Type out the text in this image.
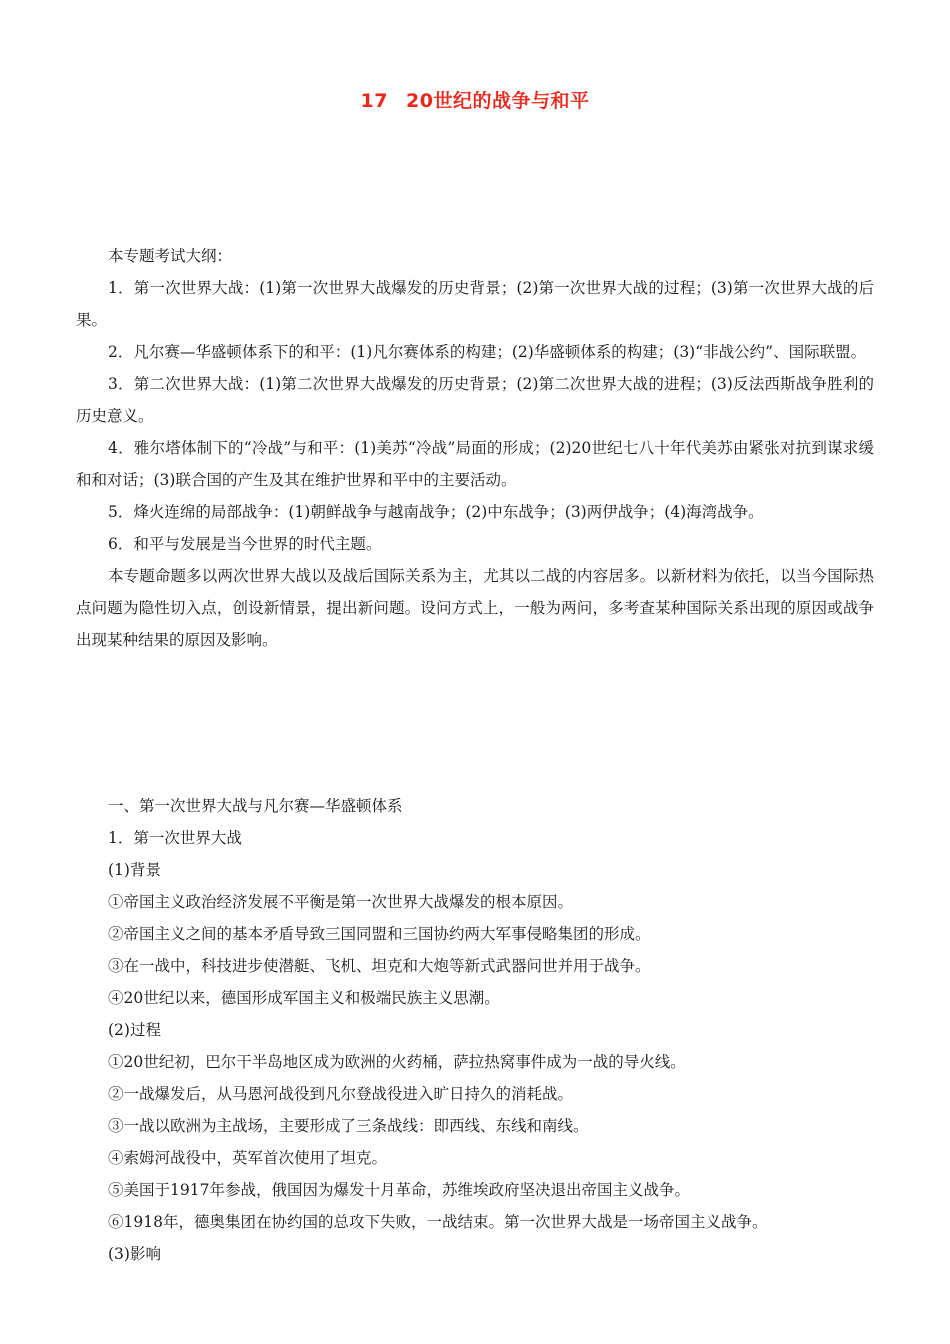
17 20世纪的战争与和平

本专题考试大纲：

1．第一次世界大战：(1)第一次世界大战爆发的历史背景；(2)第一次世界大战的过程；(3)第一次世界大战的后果。

2．凡尔赛—华盛顿体系下的和平：(1)凡尔赛体系的构建；(2)华盛顿体系的构建；(3)“非战公约”、国际联盟。

3．第二次世界大战：(1)第二次世界大战爆发的历史背景；(2)第二次世界大战的进程；(3)反法西斯战争胜利的历史意义。

4．雅尔塔体制下的“冷战”与和平：(1)美苏“冷战”局面的形成；(2)20世纪七八十年代美苏由紧张对抗到谋求缓和和对话；(3)联合国的产生及其在维护世界和平中的主要活动。

5．烽火连绵的局部战争：(1)朝鲜战争与越南战争；(2)中东战争；(3)两伊战争；(4)海湾战争。

6．和平与发展是当今世界的时代主题。

本专题命题多以两次世界大战以及战后国际关系为主，尤其以二战的内容居多。以新材料为依托，以当今国际热点问题为隐性切入点，创设新情景，提出新问题。设问方式上，一般为两问，多考查某种国际关系出现的原因或战争出现某种结果的原因及影响。

一、第一次世界大战与凡尔赛—华盛顿体系

1．第一次世界大战

(1)背景

①帝国主义政治经济发展不平衡是第一次世界大战爆发的根本原因。

②帝国主义之间的基本矛盾导致三国同盟和三国协约两大军事侵略集团的形成。

③在一战中，科技进步使潜艇、飞机、坦克和大炮等新式武器问世并用于战争。

④20世纪以来，德国形成军国主义和极端民族主义思潮。

(2)过程

①20世纪初，巴尔干半岛地区成为欧洲的火药桶，萨拉热窝事件成为一战的导火线。

②一战爆发后，从马恩河战役到凡尔登战役进入旷日持久的消耗战。

③一战以欧洲为主战场，主要形成了三条战线：即西线、东线和南线。

④索姆河战役中，英军首次使用了坦克。

⑤美国于1917年参战，俄国因为爆发十月革命，苏维埃政府坚决退出帝国主义战争。

⑥1918年，德奥集团在协约国的总攻下失败，一战结束。第一次世界大战是一场帝国主义战争。

(3)影响
